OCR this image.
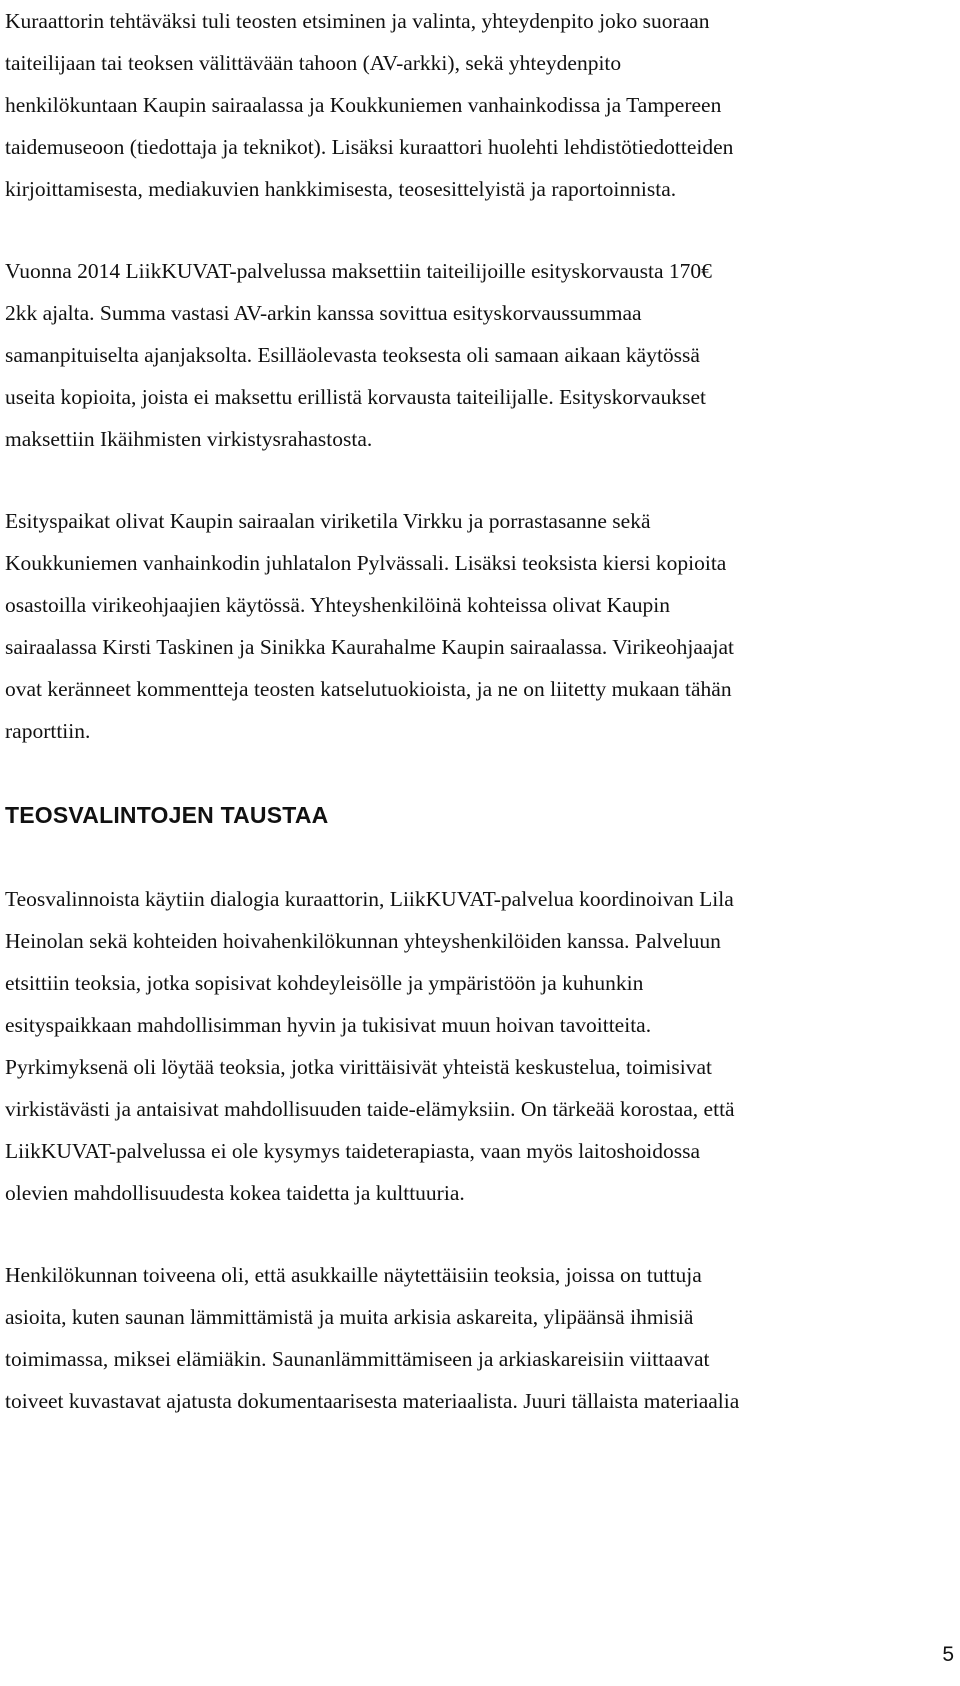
Kuraattorin tehtäväksi tuli teosten etsiminen ja valinta, yhteydenpito joko suoraan
taiteilijaan tai teoksen välittävään tahoon (AV-arkki), sekä yhteydenpito
henkilökuntaan Kaupin sairaalassa ja Koukkuniemen vanhainkodissa ja Tampereen
taidemuseoon (tiedottaja ja teknikot). Lisäksi kuraattori huolehti lehdistötiedotteiden
kirjoittamisesta, mediakuvien hankkimisesta, teosesittelyistä ja raportoinnista.
Vuonna 2014 LiikKUVAT-palvelussa maksettiin taiteilijoille esityskorvausta 170€
2kk ajalta. Summa vastasi AV-arkin kanssa sovittua esityskorvaussummaa
samanpituiselta ajanjaksolta. Esilläolevasta teoksesta oli samaan aikaan käytössä
useita kopioita, joista ei maksettu erillistä korvausta taiteilijalle. Esityskorvaukset
maksettiin Ikäihmisten virkistysrahastosta.
Esityspaikat olivat Kaupin sairaalan viriketila Virkku ja porrastasanne sekä
Koukkuniemen vanhainkodin juhlatalon Pylvässali. Lisäksi teoksista kiersi kopioita
osastoilla virikeohjaajien käytössä. Yhteyshenkilöinä kohteissa olivat Kaupin
sairaalassa Kirsti Taskinen ja Sinikka Kaurahalme Kaupin sairaalassa. Virikeohjaajat
ovat keränneet kommentteja teosten katselutuokioista, ja ne on liitetty mukaan tähän
raporttiin.
TEOSVALINTOJEN TAUSTAA
Teosvalinnoista käytiin dialogia kuraattorin, LiikKUVAT-palvelua koordinoivan Lila
Heinolan sekä kohteiden hoivahenkilökunnan yhteyshenkilöiden kanssa. Palveluun
etsittiin teoksia, jotka sopisivat kohdeyleisölle ja ympäristöön ja kuhunkin
esityspaikkaan mahdollisimman hyvin ja tukisivat muun hoivan tavoitteita.
Pyrkimyksenä oli löytää teoksia, jotka virittäisivät yhteistä keskustelua, toimisivat
virkistävästi ja antaisivat mahdollisuuden taide-elämyksiin. On tärkeää korostaa, että
LiikKUVAT-palvelussa ei ole kysymys taideterapiasta, vaan myös laitoshoidossa
olevien mahdollisuudesta kokea taidetta ja kulttuuria.
Henkilökunnan toiveena oli, että asukkaille näytettäisiin teoksia, joissa on tuttuja
asioita, kuten saunan lämmittämistä ja muita arkisia askareita, ylipäänsä ihmisiä
toimimassa, miksei elämiäkin. Saunanlämmittämiseen ja arkiaskareisiin viittaavat
toiveet kuvastavat ajatusta dokumentaarisesta materiaalista. Juuri tällaista materiaalia
5
